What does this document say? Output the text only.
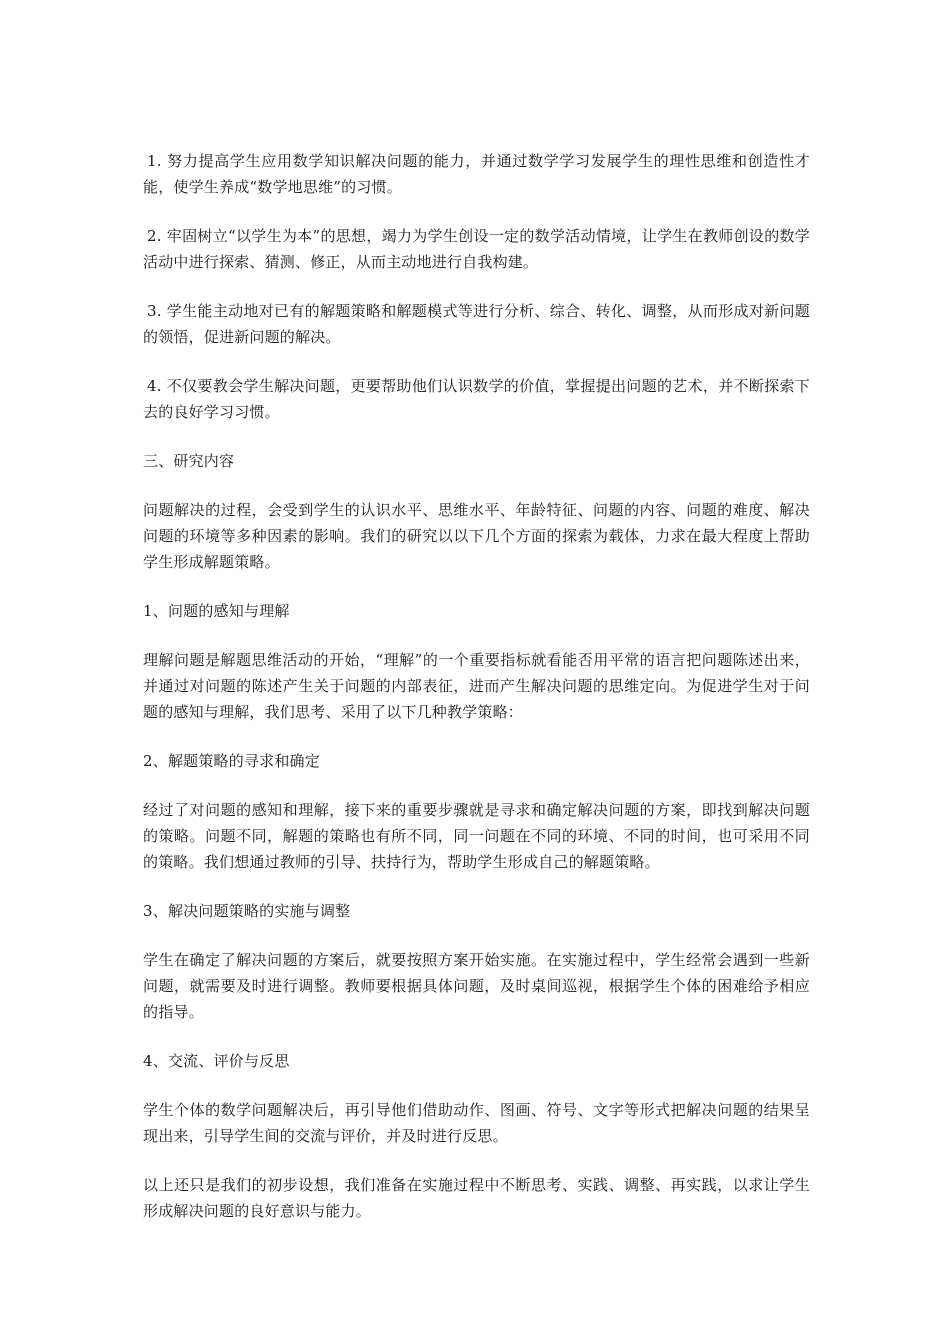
1. 努力提高学生应用数学知识解决问题的能力，并通过数学学习发展学生的理性思维和创造性才能，使学生养成“数学地思维”的习惯。

2. 牢固树立“以学生为本”的思想，竭力为学生创设一定的数学活动情境，让学生在教师创设的数学活动中进行探索、猜测、修正，从而主动地进行自我构建。

3. 学生能主动地对已有的解题策略和解题模式等进行分析、综合、转化、调整，从而形成对新问题的领悟，促进新问题的解决。

4. 不仅要教会学生解决问题，更要帮助他们认识数学的价值，掌握提出问题的艺术，并不断探索下去的良好学习习惯。

三、研究内容

问题解决的过程，会受到学生的认识水平、思维水平、年龄特征、问题的内容、问题的难度、解决问题的环境等多种因素的影响。我们的研究以以下几个方面的探索为载体，力求在最大程度上帮助学生形成解题策略。

1、问题的感知与理解

理解问题是解题思维活动的开始，“理解”的一个重要指标就看能否用平常的语言把问题陈述出来，并通过对问题的陈述产生关于问题的内部表征，进而产生解决问题的思维定向。为促进学生对于问题的感知与理解，我们思考、采用了以下几种教学策略：

2、解题策略的寻求和确定

经过了对问题的感知和理解，接下来的重要步骤就是寻求和确定解决问题的方案，即找到解决问题的策略。问题不同，解题的策略也有所不同，同一问题在不同的环境、不同的时间，也可采用不同的策略。我们想通过教师的引导、扶持行为，帮助学生形成自己的解题策略。

3、解决问题策略的实施与调整

学生在确定了解决问题的方案后，就要按照方案开始实施。在实施过程中，学生经常会遇到一些新问题，就需要及时进行调整。教师要根据具体问题，及时桌间巡视，根据学生个体的困难给予相应的指导。

4、交流、评价与反思

学生个体的数学问题解决后，再引导他们借助动作、图画、符号、文字等形式把解决问题的结果呈现出来，引导学生间的交流与评价，并及时进行反思。

以上还只是我们的初步设想，我们准备在实施过程中不断思考、实践、调整、再实践，以求让学生形成解决问题的良好意识与能力。
